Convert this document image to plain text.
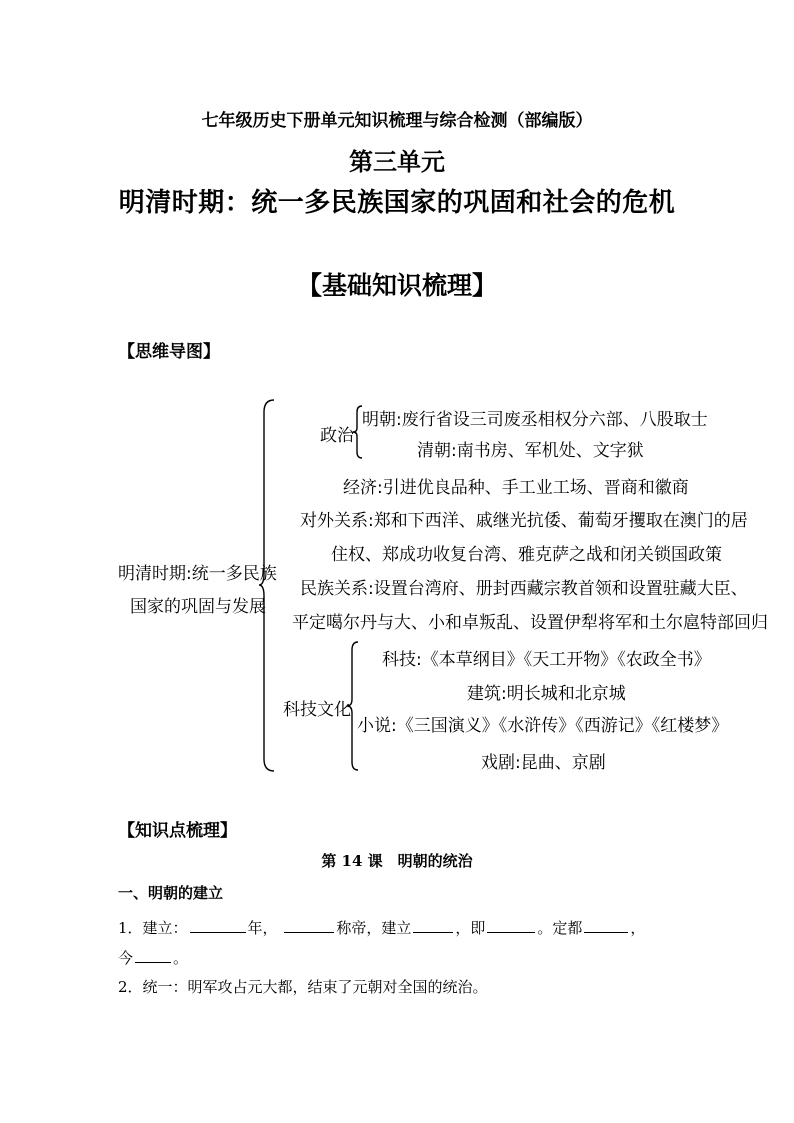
七年级历史下册单元知识梳理与综合检测（部编版）
第三单元
明清时期：统一多民族国家的巩固和社会的危机
【基础知识梳理】
【思维导图】
明清时期:统一多民族
国家的巩固与发展
政治
明朝:废行省设三司废丞相权分六部、八股取士
清朝:南书房、军机处、文字狱
经济:引进优良品种、手工业工场、晋商和徽商
对外关系:郑和下西洋、戚继光抗倭、葡萄牙攫取在澳门的居
住权、郑成功收复台湾、雅克萨之战和闭关锁国政策
民族关系:设置台湾府、册封西藏宗教首领和设置驻藏大臣、
平定噶尔丹与大、小和卓叛乱、设置伊犁将军和土尔扈特部回归
科技文化
科技:《本草纲目》《天工开物》《农政全书》
建筑:明长城和北京城
小说:《三国演义》《水浒传》《西游记》《红楼梦》
戏剧:昆曲、京剧
【知识点梳理】
第 14 课　明朝的统治
一、明朝的建立
1．建立：	年，	称帝，建立	，即	。定都	，
今	。
2．统一：明军攻占元大都，结束了元朝对全国的统治。
